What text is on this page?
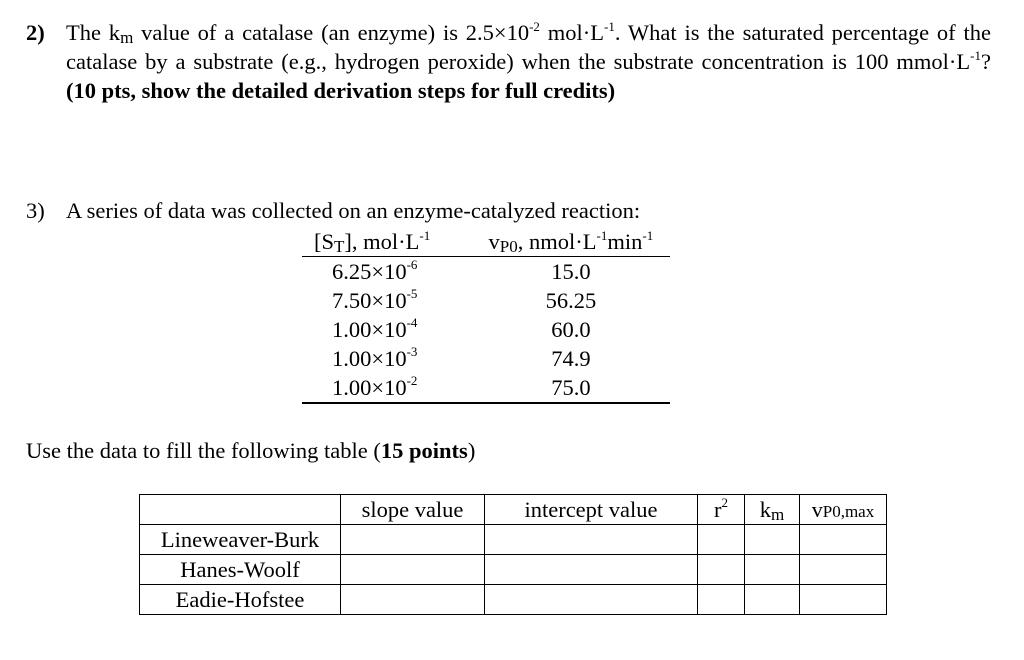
2) The $k_m$ value of a catalase (an enzyme) is $2.5\times 10^{-2}$ $mol\cdot L^{-1}$. What is the saturated percentage of the catalase by a substrate (e.g., hydrogen peroxide) when the substrate concentration is 100 $mmol\cdot L^{-1}$? (10 pts, show the detailed derivation steps for full credits)
3) A series of data was collected on an enzyme-catalyzed reaction:
$[S_T]$, $mol\cdot L^{-1}$	$v_{P0}$, $nmol\cdot L^{-1}\min^{-1}$
$6.25\times 10^{-6}$	15.0
$7.50\times 10^{-5}$	56.25
$1.00\times 10^{-4}$	60.0
$1.00\times 10^{-3}$	74.9
$1.00\times 10^{-2}$	75.0
Use the data to fill the following table (15 points)
	slope value	intercept value	$r^2$	$k_m$	vP0,max
Lineweaver-Burk					
Hanes-Woolf					
Eadie-Hofstee					
